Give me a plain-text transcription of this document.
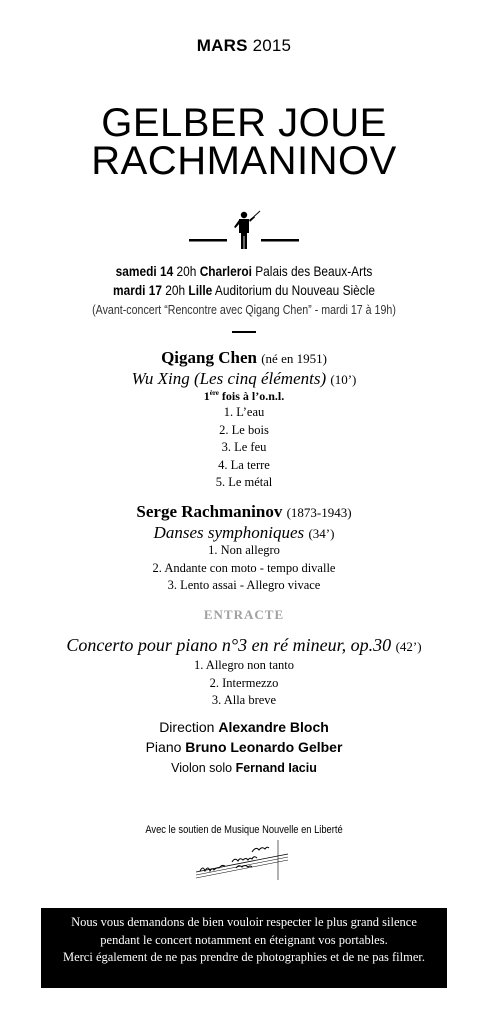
MARS 2015
GELBER JOUE
RACHMANINOV
samedi 14 20h Charleroi Palais des Beaux-Arts
mardi 17 20h Lille Auditorium du Nouveau Siècle
(Avant-concert “Rencontre avec Qigang Chen” - mardi 17 à 19h)
Qigang Chen (né en 1951)
Wu Xing (Les cinq éléments) (10’)
1ère fois à l’o.n.l.
1. L’eau
2. Le bois
3. Le feu
4. La terre
5. Le métal
Serge Rachmaninov (1873-1943)
Danses symphoniques (34’)
1. Non allegro
2. Andante con moto - tempo divalle
3. Lento assai - Allegro vivace
ENTRACTE
Concerto pour piano n°3 en ré mineur, op.30 (42’)
1. Allegro non tanto
2. Intermezzo
3. Alla breve
Direction Alexandre Bloch
Piano Bruno Leonardo Gelber
Violon solo Fernand Iaciu
Avec le soutien de Musique Nouvelle en Liberté
Nous vous demandons de bien vouloir respecter le plus grand silence
pendant le concert notamment en éteignant vos portables.
Merci également de ne pas prendre de photographies et de ne pas filmer.
